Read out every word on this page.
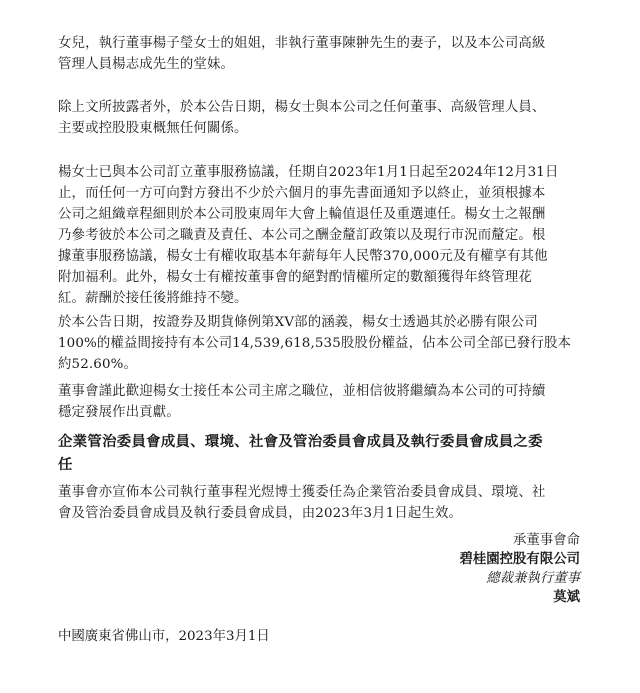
女兒，執行董事楊子瑩女士的姐姐，非執行董事陳翀先生的妻子，以及本公司高級
管理人員楊志成先生的堂妹。

除上文所披露者外，於本公告日期，楊女士與本公司之任何董事、高級管理人員、
主要或控股股東概無任何關係。

楊女士已與本公司訂立董事服務協議，任期自2023年1月1日起至2024年12月31日
止，而任何一方可向對方發出不少於六個月的事先書面通知予以終止，並須根據本
公司之組織章程細則於本公司股東周年大會上輪值退任及重選連任。楊女士之報酬
乃參考彼於本公司之職責及責任、本公司之酬金釐訂政策以及現行市況而釐定。根
據董事服務協議，楊女士有權收取基本年薪每年人民幣370,000元及有權享有其他
附加福利。此外，楊女士有權按董事會的絕對酌情權所定的數額獲得年終管理花
紅。薪酬於接任後將維持不變。

於本公告日期，按證券及期貨條例第XV部的涵義，楊女士透過其於必勝有限公司
100%的權益間接持有本公司14,539,618,535股股份權益，佔本公司全部已發行股本
約52.60%。

董事會謹此歡迎楊女士接任本公司主席之職位，並相信彼將繼續為本公司的可持續
穩定發展作出貢獻。

企業管治委員會成員、環境、社會及管治委員會成員及執行委員會成員之委
任

董事會亦宣佈本公司執行董事程光煜博士獲委任為企業管治委員會成員、環境、社
會及管治委員會成員及執行委員會成員，由2023年3月1日起生效。

承董事會命
碧桂園控股有限公司
總裁兼執行董事
莫斌
中國廣東省佛山市，2023年3月1日
